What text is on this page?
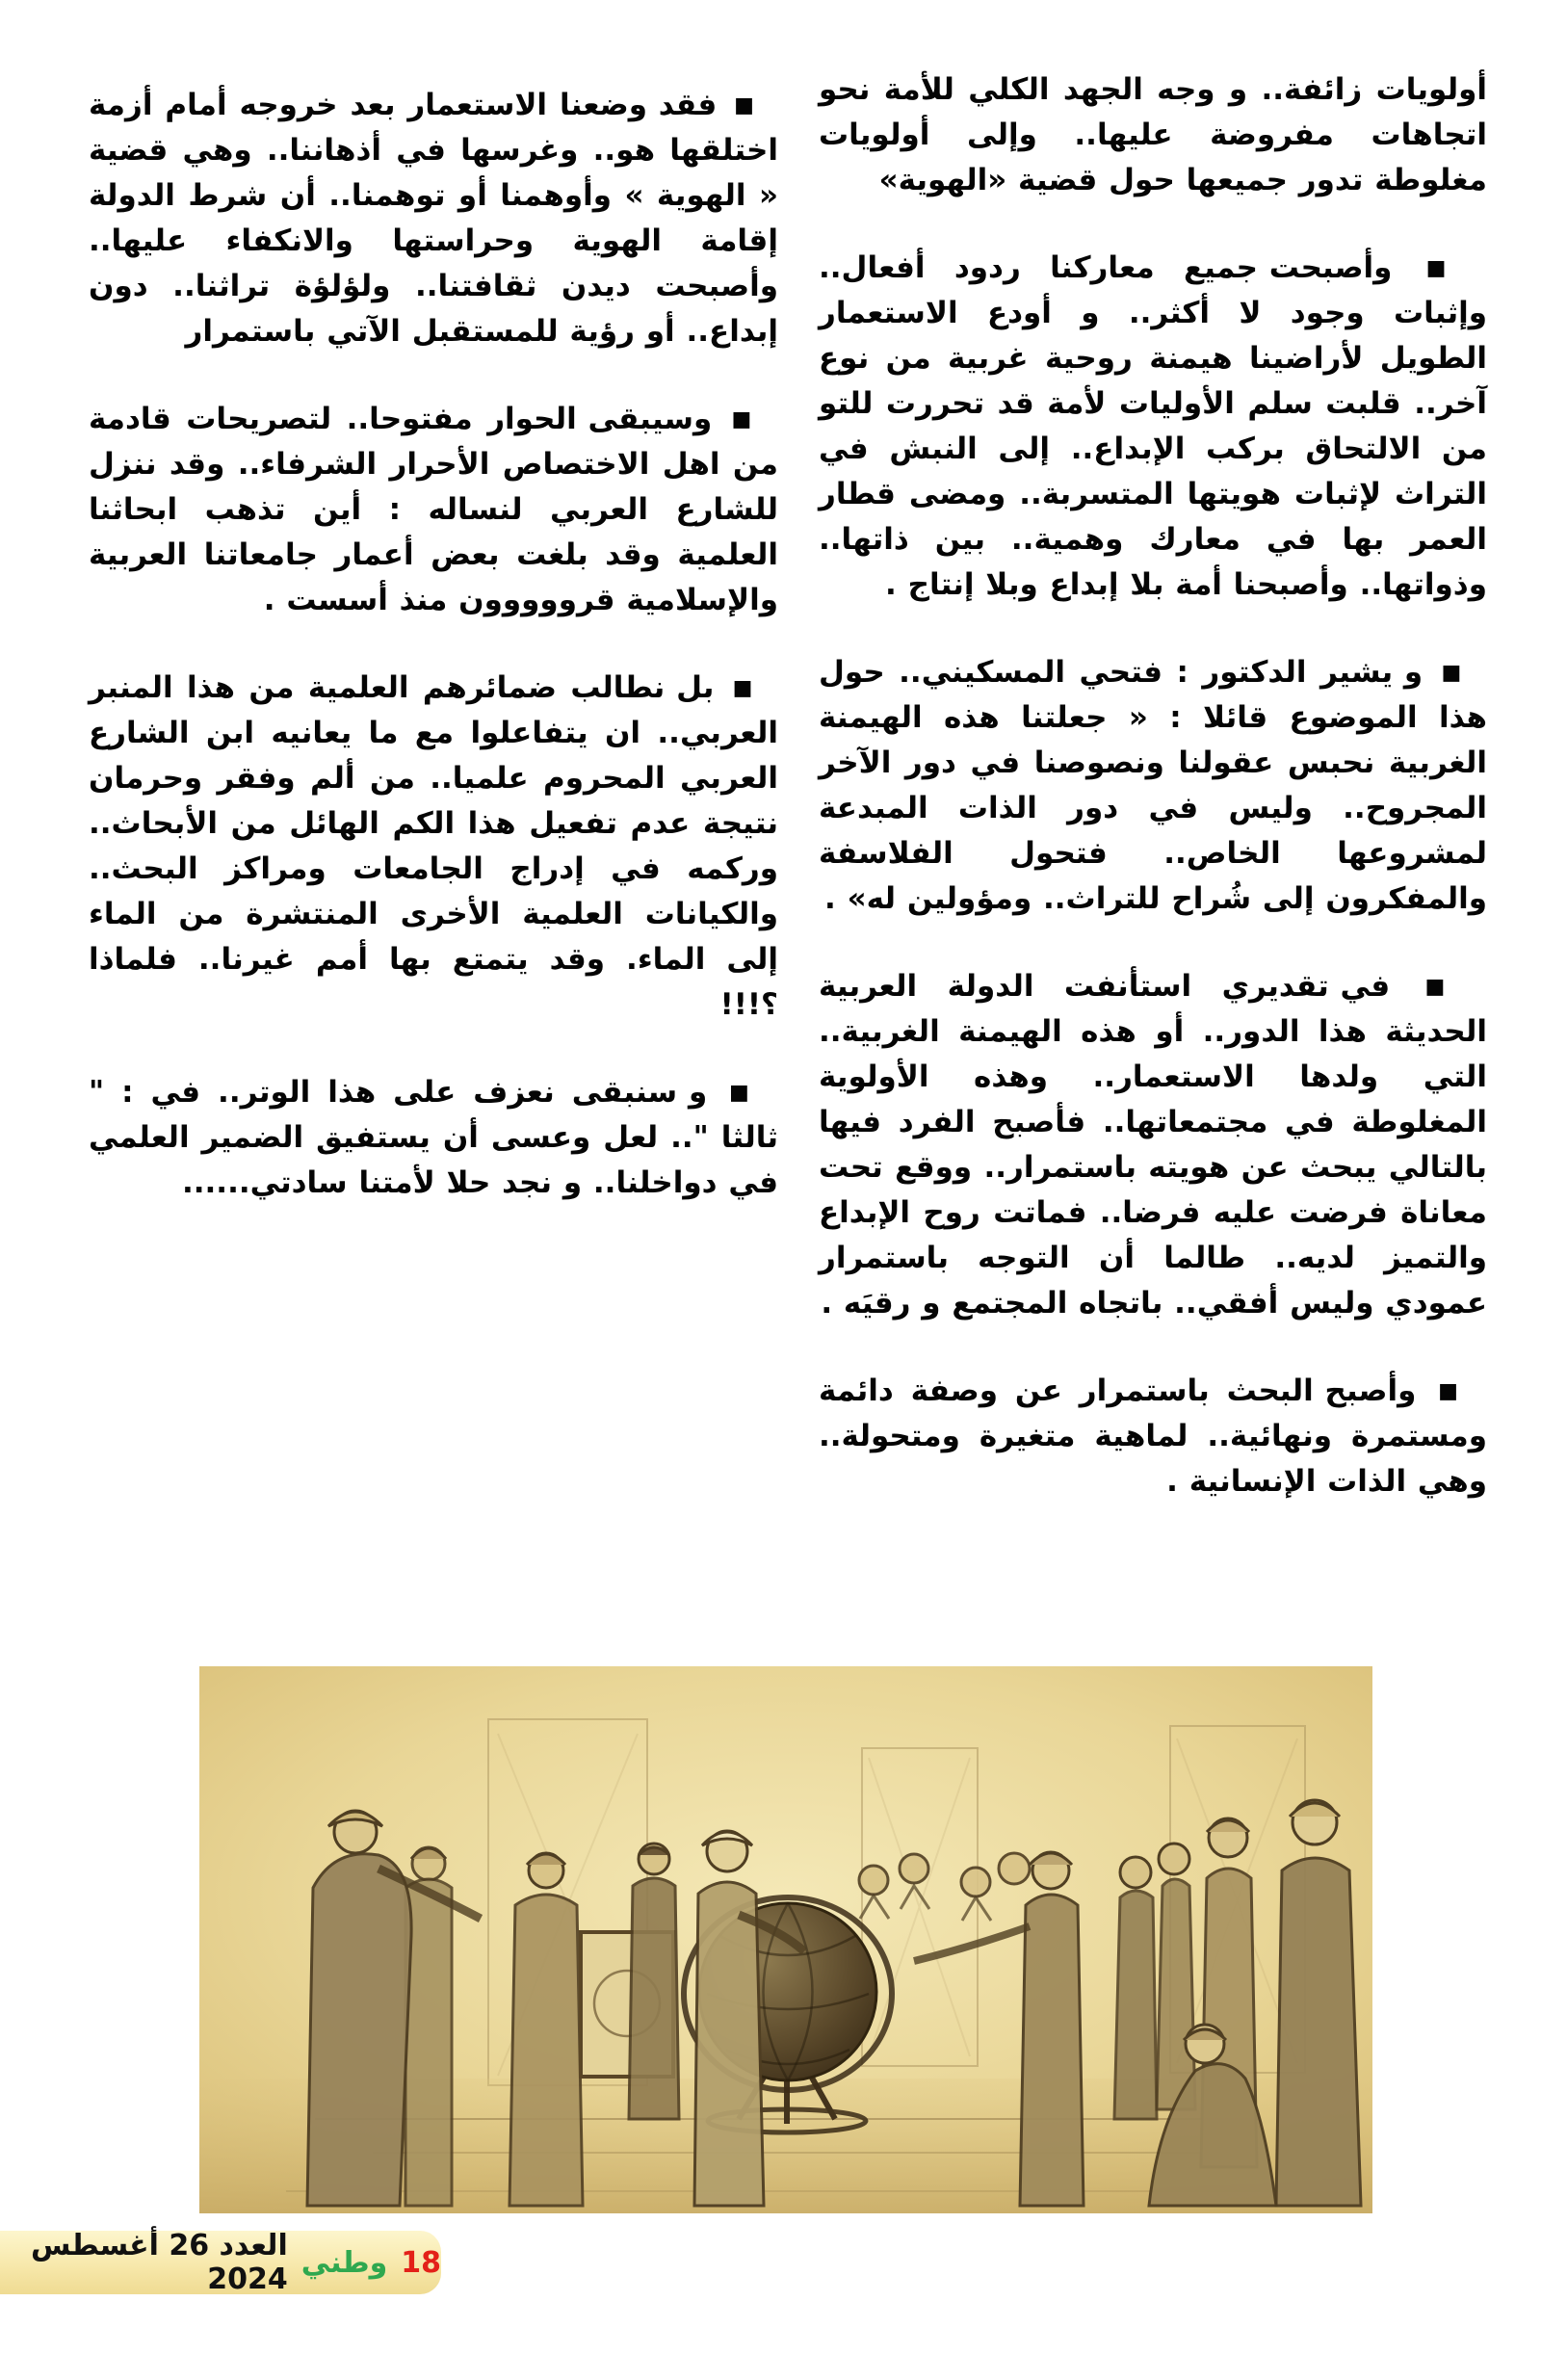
أولويات زائفة.. و وجه الجهد الكلي للأمة نحو اتجاهات مفروضة عليها.. وإلى أولويات مغلوطة تدور جميعها حول قضية «الهوية»

■ وأصبحت جميع معاركنا ردود أفعال.. وإثبات وجود لا أكثر.. و أودع الاستعمار الطويل لأراضينا هيمنة روحية غربية من نوع آخر.. قلبت سلم الأوليات لأمة قد تحررت للتو من الالتحاق بركب الإبداع.. إلى النبش في التراث لإثبات هويتها المتسربة.. ومضى قطار العمر بها في معارك وهمية.. بين ذاتها.. وذواتها.. وأصبحنا أمة بلا إبداع وبلا إنتاج .

■ و يشير الدكتور : فتحي المسكيني.. حول هذا الموضوع قائلا : « جعلتنا هذه الهيمنة الغربية نحبس عقولنا ونصوصنا في دور الآخر المجروح.. وليس في دور الذات المبدعة لمشروعها الخاص.. فتحول الفلاسفة والمفكرون إلى شُراح للتراث.. ومؤولين له» .

■ في تقديري استأنفت الدولة العربية الحديثة هذا الدور.. أو هذه الهيمنة الغربية.. التي ولدها الاستعمار.. وهذه الأولوية المغلوطة في مجتمعاتها.. فأصبح الفرد فيها بالتالي يبحث عن هويته باستمرار.. ووقع تحت معاناة فرضت عليه فرضا.. فماتت روح الإبداع والتميز لديه.. طالما أن التوجه باستمرار عمودي وليس أفقي.. باتجاه المجتمع و رقيَه .

■ وأصبح البحث باستمرار عن وصفة دائمة ومستمرة ونهائية.. لماهية متغيرة ومتحولة.. وهي الذات الإنسانية .

■ فقد وضعنا الاستعمار بعد خروجه أمام أزمة اختلقها هو.. وغرسها في أذهاننا.. وهي قضية « الهوية » وأوهمنا أو توهمنا.. أن شرط الدولة إقامة الهوية وحراستها والانكفاء عليها.. وأصبحت ديدن ثقافتنا.. ولؤلؤة تراثنا.. دون إبداع.. أو رؤية للمستقبل الآتي باستمرار

■ وسيبقى الحوار مفتوحا.. لتصريحات قادمة من اهل الاختصاص الأحرار الشرفاء.. وقد ننزل للشارع العربي لنساله : أين تذهب ابحاثنا العلمية وقد بلغت بعض أعمار جامعاتنا العربية والإسلامية قرووووون منذ أسست .

■ بل نطالب ضمائرهم العلمية من هذا المنبر العربي.. ان يتفاعلوا مع ما يعانيه ابن الشارع العربي المحروم علميا.. من ألم وفقر وحرمان نتيجة عدم تفعيل هذا الكم الهائل من الأبحاث.. وركمه في إدراج الجامعات ومراكز البحث.. والكيانات العلمية الأخرى المنتشرة من الماء إلى الماء. وقد يتمتع بها أمم غيرنا.. فلماذا ؟!!!

■ و سنبقى نعزف على هذا الوتر.. في : " ثالثا ".. لعل وعسى أن يستفيق الضمير العلمي في دواخلنا.. و نجد حلا لأمتنا سادتي......

18
وطني
العدد 26 أغسطس 2024
